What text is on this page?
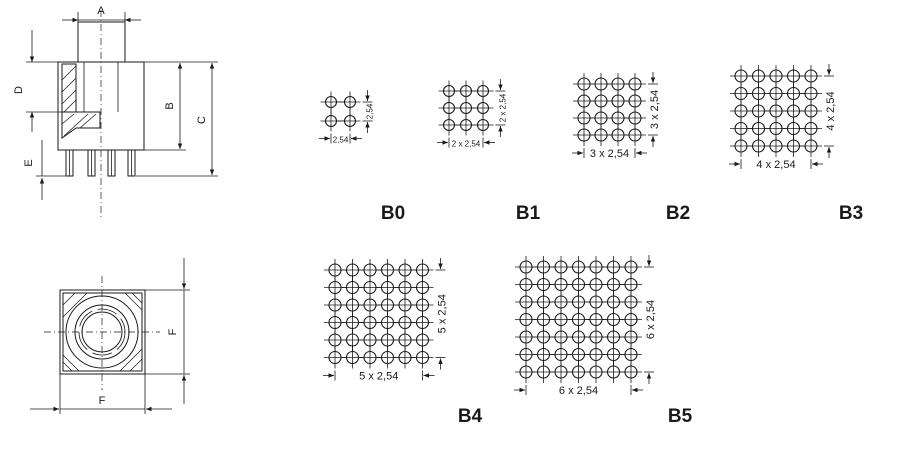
A
D
E
B
C
F
F
2,54
2,54
B0
2 x 2,54
2 x 2,54
B1
3 x 2,54
3 x 2,54
B2
4 x 2,54
4 x 2,54
B3
5 x 2,54
5 x 2,54
B4
6 x 2,54
6 x 2,54
B5
